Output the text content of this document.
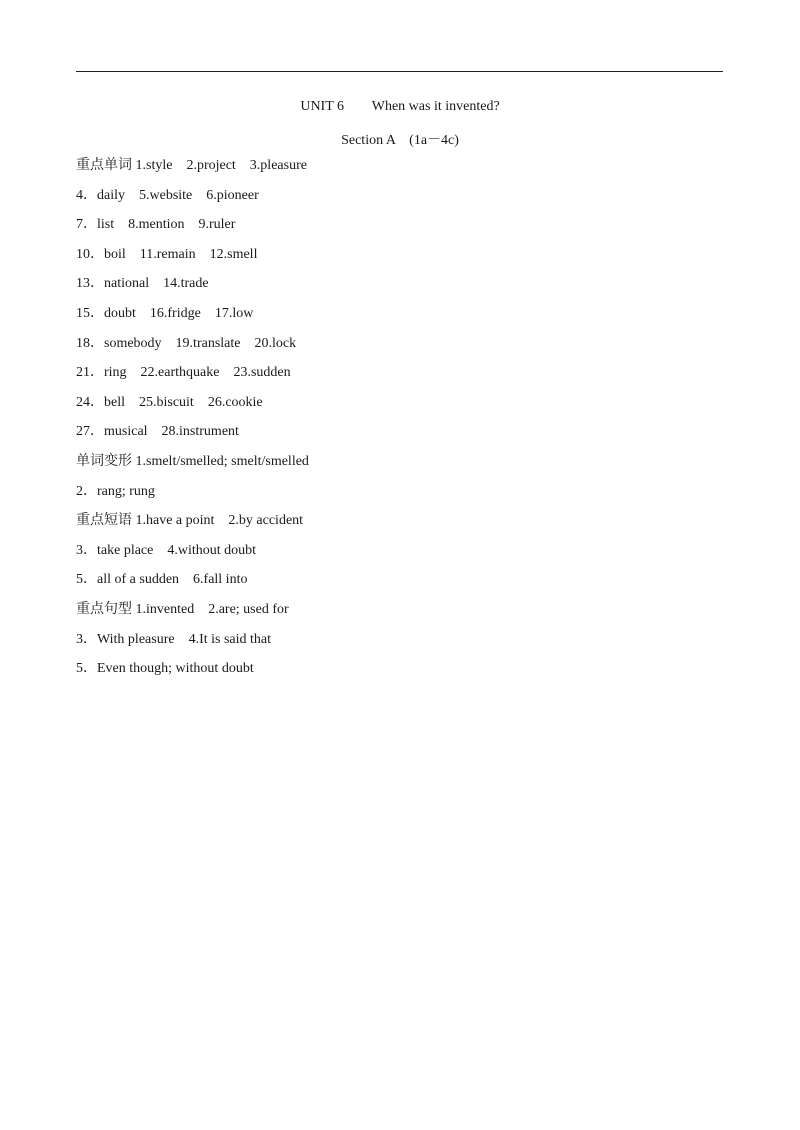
UNIT 6        When was it invented?
Section A    (1a－4c)
重点单词 1.style    2.project    3.pleasure
4．daily    5.website    6.pioneer
7．list    8.mention    9.ruler
10．boil    11.remain    12.smell
13．national    14.trade
15．doubt    16.fridge    17.low
18．somebody    19.translate    20.lock
21．ring    22.earthquake    23.sudden
24．bell    25.biscuit    26.cookie
27．musical    28.instrument
单词变形 1.smelt/smelled; smelt/smelled
2．rang; rung
重点短语 1.have a point    2.by accident
3．take place    4.without doubt
5．all of a sudden    6.fall into
重点句型 1.invented    2.are; used for
3．With pleasure    4.It is said that
5．Even though; without doubt
